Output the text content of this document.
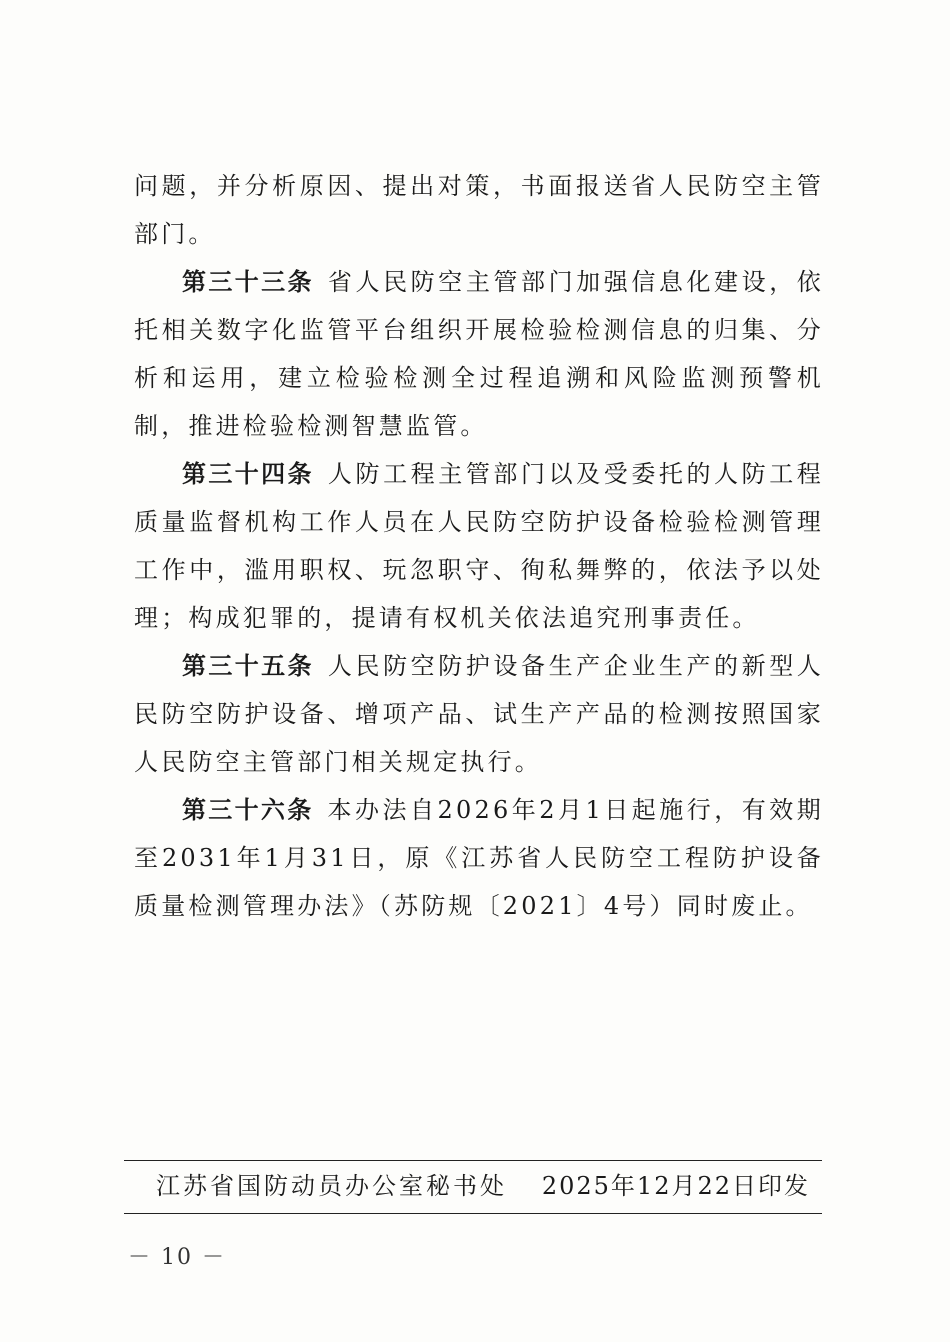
问题，并分析原因、提出对策，书面报送省人民防空主管部门。

第三十三条 省人民防空主管部门加强信息化建设，依托相关数字化监管平台组织开展检验检测信息的归集、分析和运用，建立检验检测全过程追溯和风险监测预警机制，推进检验检测智慧监管。

第三十四条 人防工程主管部门以及受委托的人防工程质量监督机构工作人员在人民防空防护设备检验检测管理工作中，滥用职权、玩忽职守、徇私舞弊的，依法予以处理；构成犯罪的，提请有权机关依法追究刑事责任。

第三十五条 人民防空防护设备生产企业生产的新型人民防空防护设备、增项产品、试生产产品的检测按照国家人民防空主管部门相关规定执行。

第三十六条 本办法自2026年2月1日起施行，有效期至2031年1月31日，原《江苏省人民防空工程防护设备质量检测管理办法》（苏防规〔2021〕4号）同时废止。

江苏省国防动员办公室秘书处 2025年12月22日印发
－ 10 －
